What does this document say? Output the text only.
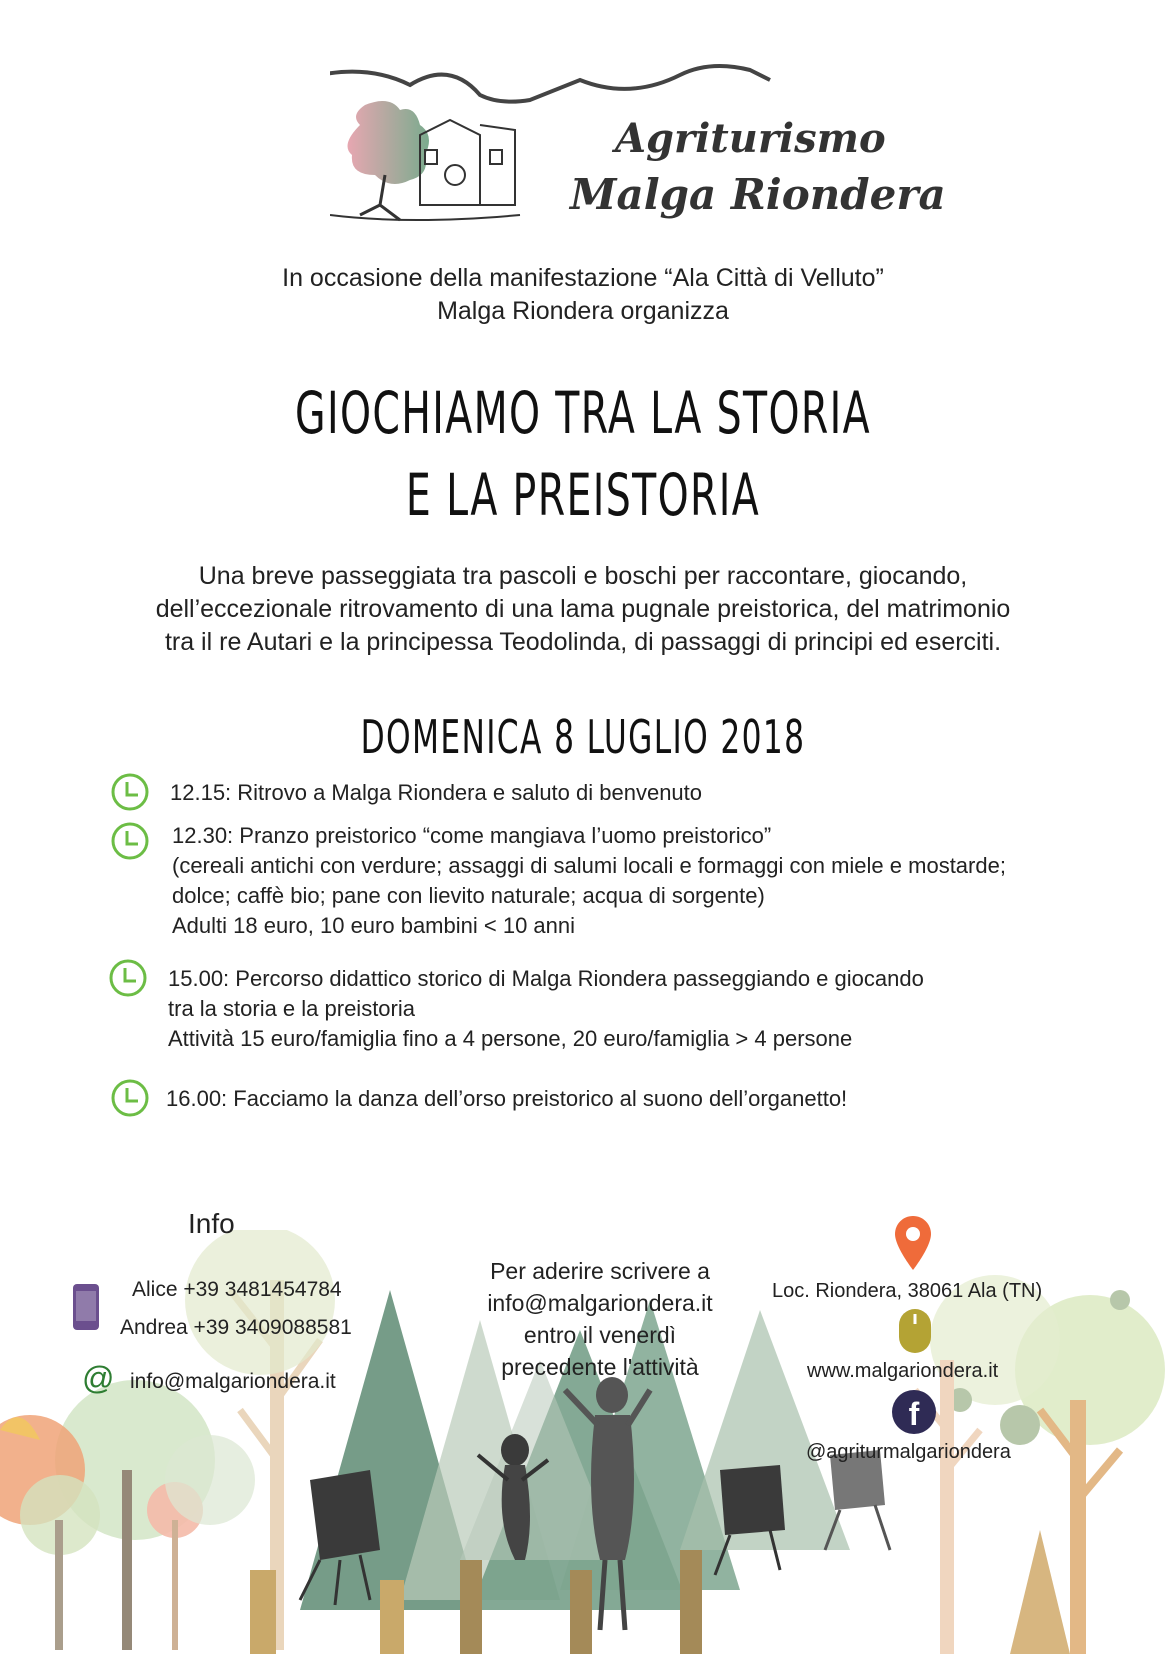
Agriturismo
Malga Riondera
In occasione della manifestazione “Ala Città di Velluto”
Malga Riondera organizza
GIOCHIAMO TRA LA STORIA
E LA PREISTORIA
Una breve passeggiata tra pascoli e boschi per raccontare, giocando,
dell’eccezionale ritrovamento di una lama pugnale preistorica, del matrimonio
tra il re Autari e la principessa Teodolinda, di passaggi di principi ed eserciti.
DOMENICA 8 LUGLIO 2018
12.15: Ritrovo a Malga Riondera e saluto di benvenuto
12.30: Pranzo preistorico “come mangiava l’uomo preistorico”
(cereali antichi con verdure; assaggi di salumi locali e formaggi con miele e mostarde;
dolce; caffè bio; pane con lievito naturale; acqua di sorgente)
Adulti 18 euro, 10 euro bambini < 10 anni
15.00: Percorso didattico storico di Malga Riondera passeggiando e giocando
tra la storia e la preistoria
Attività 15 euro/famiglia fino a 4 persone, 20 euro/famiglia > 4 persone
16.00: Facciamo la danza dell’orso preistorico al suono dell’organetto!
Info
Alice +39 3481454784
Andrea +39 3409088581
@ info@malgariondera.it
Per aderire scrivere a
info@malgariondera.it
entro il venerdì
precedente l'attività
Loc. Riondera, 38061 Ala (TN)
www.malgariondera.it
f
@agriturmalgariondera
